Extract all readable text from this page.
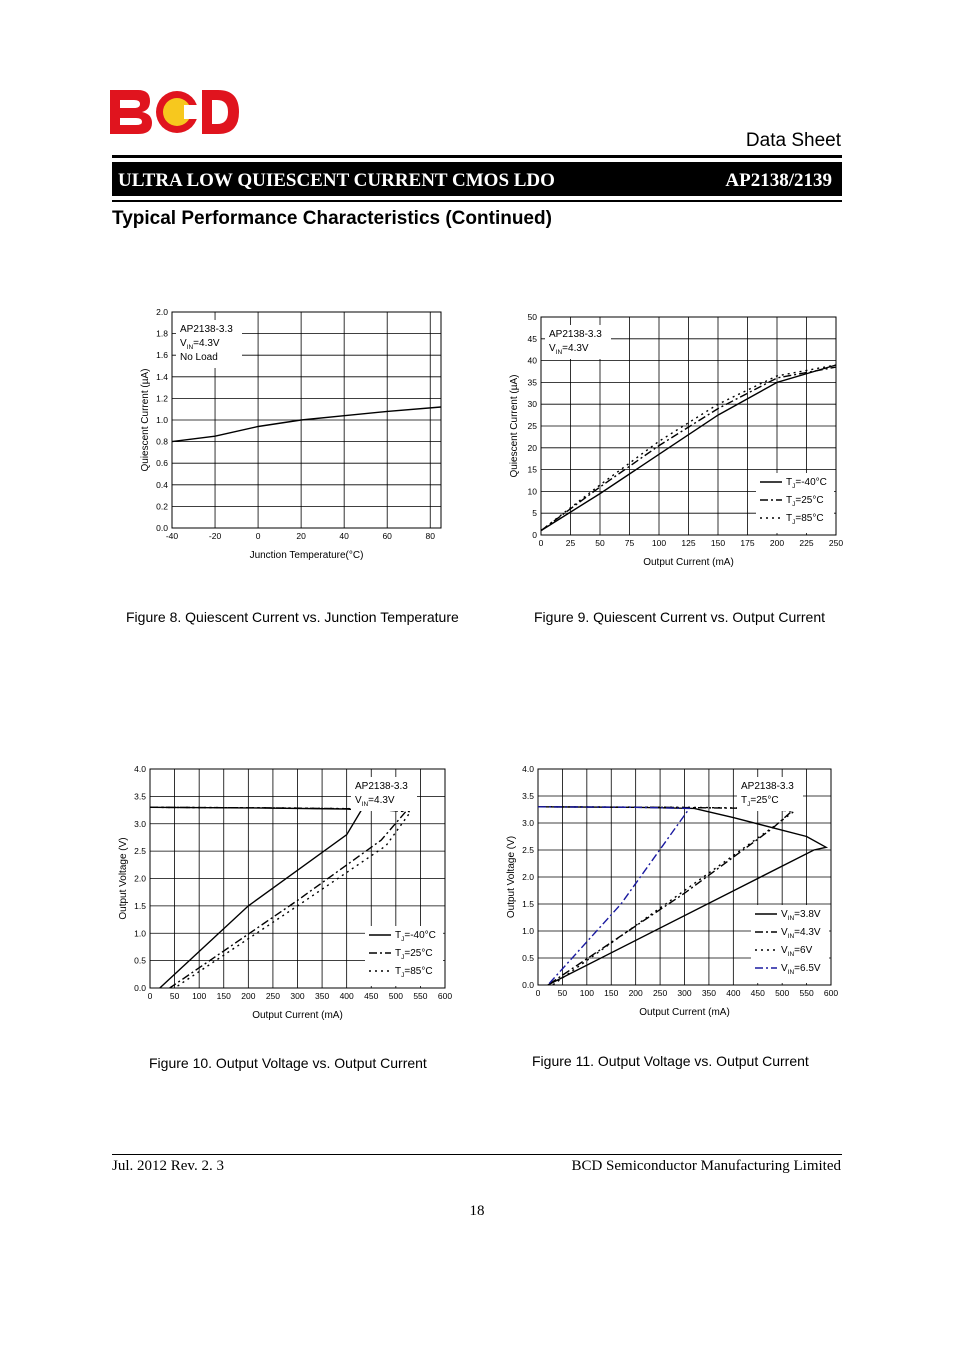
Data Sheet
ULTRA LOW QUIESCENT CURRENT CMOS LDO	AP2138/2139
Typical Performance Characteristics (Continued)
-40	-20	0	20	40	60	80
0.0
0.2
0.4
0.6
0.8
1.0
1.2
1.4
1.6
1.8
2.0
Junction Temperature(°C)
Quiescent Current (µA)
AP2138-3.3
$V_{IN}=4.3V$
No Load
0	25 50 75 100 125 150 175 200 225 250
0
5
10
15
20
25
30
35
40
45
50
Output Current (mA)
Quiescent Current (µA)
AP2138-3.3
$V_{IN}=4.3V$
$T_J=-40^\circ C$
$T_J=25^\circ C$
$T_J=85^\circ C$
0 50 100 150 200 250 300 350 400 450 500 550 600
0.0
0.5
1.0
1.5
2.0
2.5
3.0
3.5
4.0
Output Current (mA)
Output Voltage (V)
AP2138-3.3
$V_{IN}=4.3V$
$T_J=-40^\circ C$
$T_J=25^\circ C$
$T_J=85^\circ C$
0 50 100 150 200 250 300 350 400 450 500 550 600
0.0
0.5
1.0
1.5
2.0
2.5
3.0
3.5
4.0
Output Current (mA)
Output Voltage (V)
AP2138-3.3
$T_J=25^\circ C$
$V_{IN}=3.8V$
$V_{IN}=4.3V$
$V_{IN}=6V$
$V_{IN}=6.5V$
Figure 8. Quiescent Current vs. Junction Temperature	Figure 9. Quiescent Current vs. Output Current
Figure 10. Output Voltage vs. Output Current	Figure 11. Output Voltage vs. Output Current
Jul. 2012 Rev. 2. 3	BCD Semiconductor Manufacturing Limited
18
